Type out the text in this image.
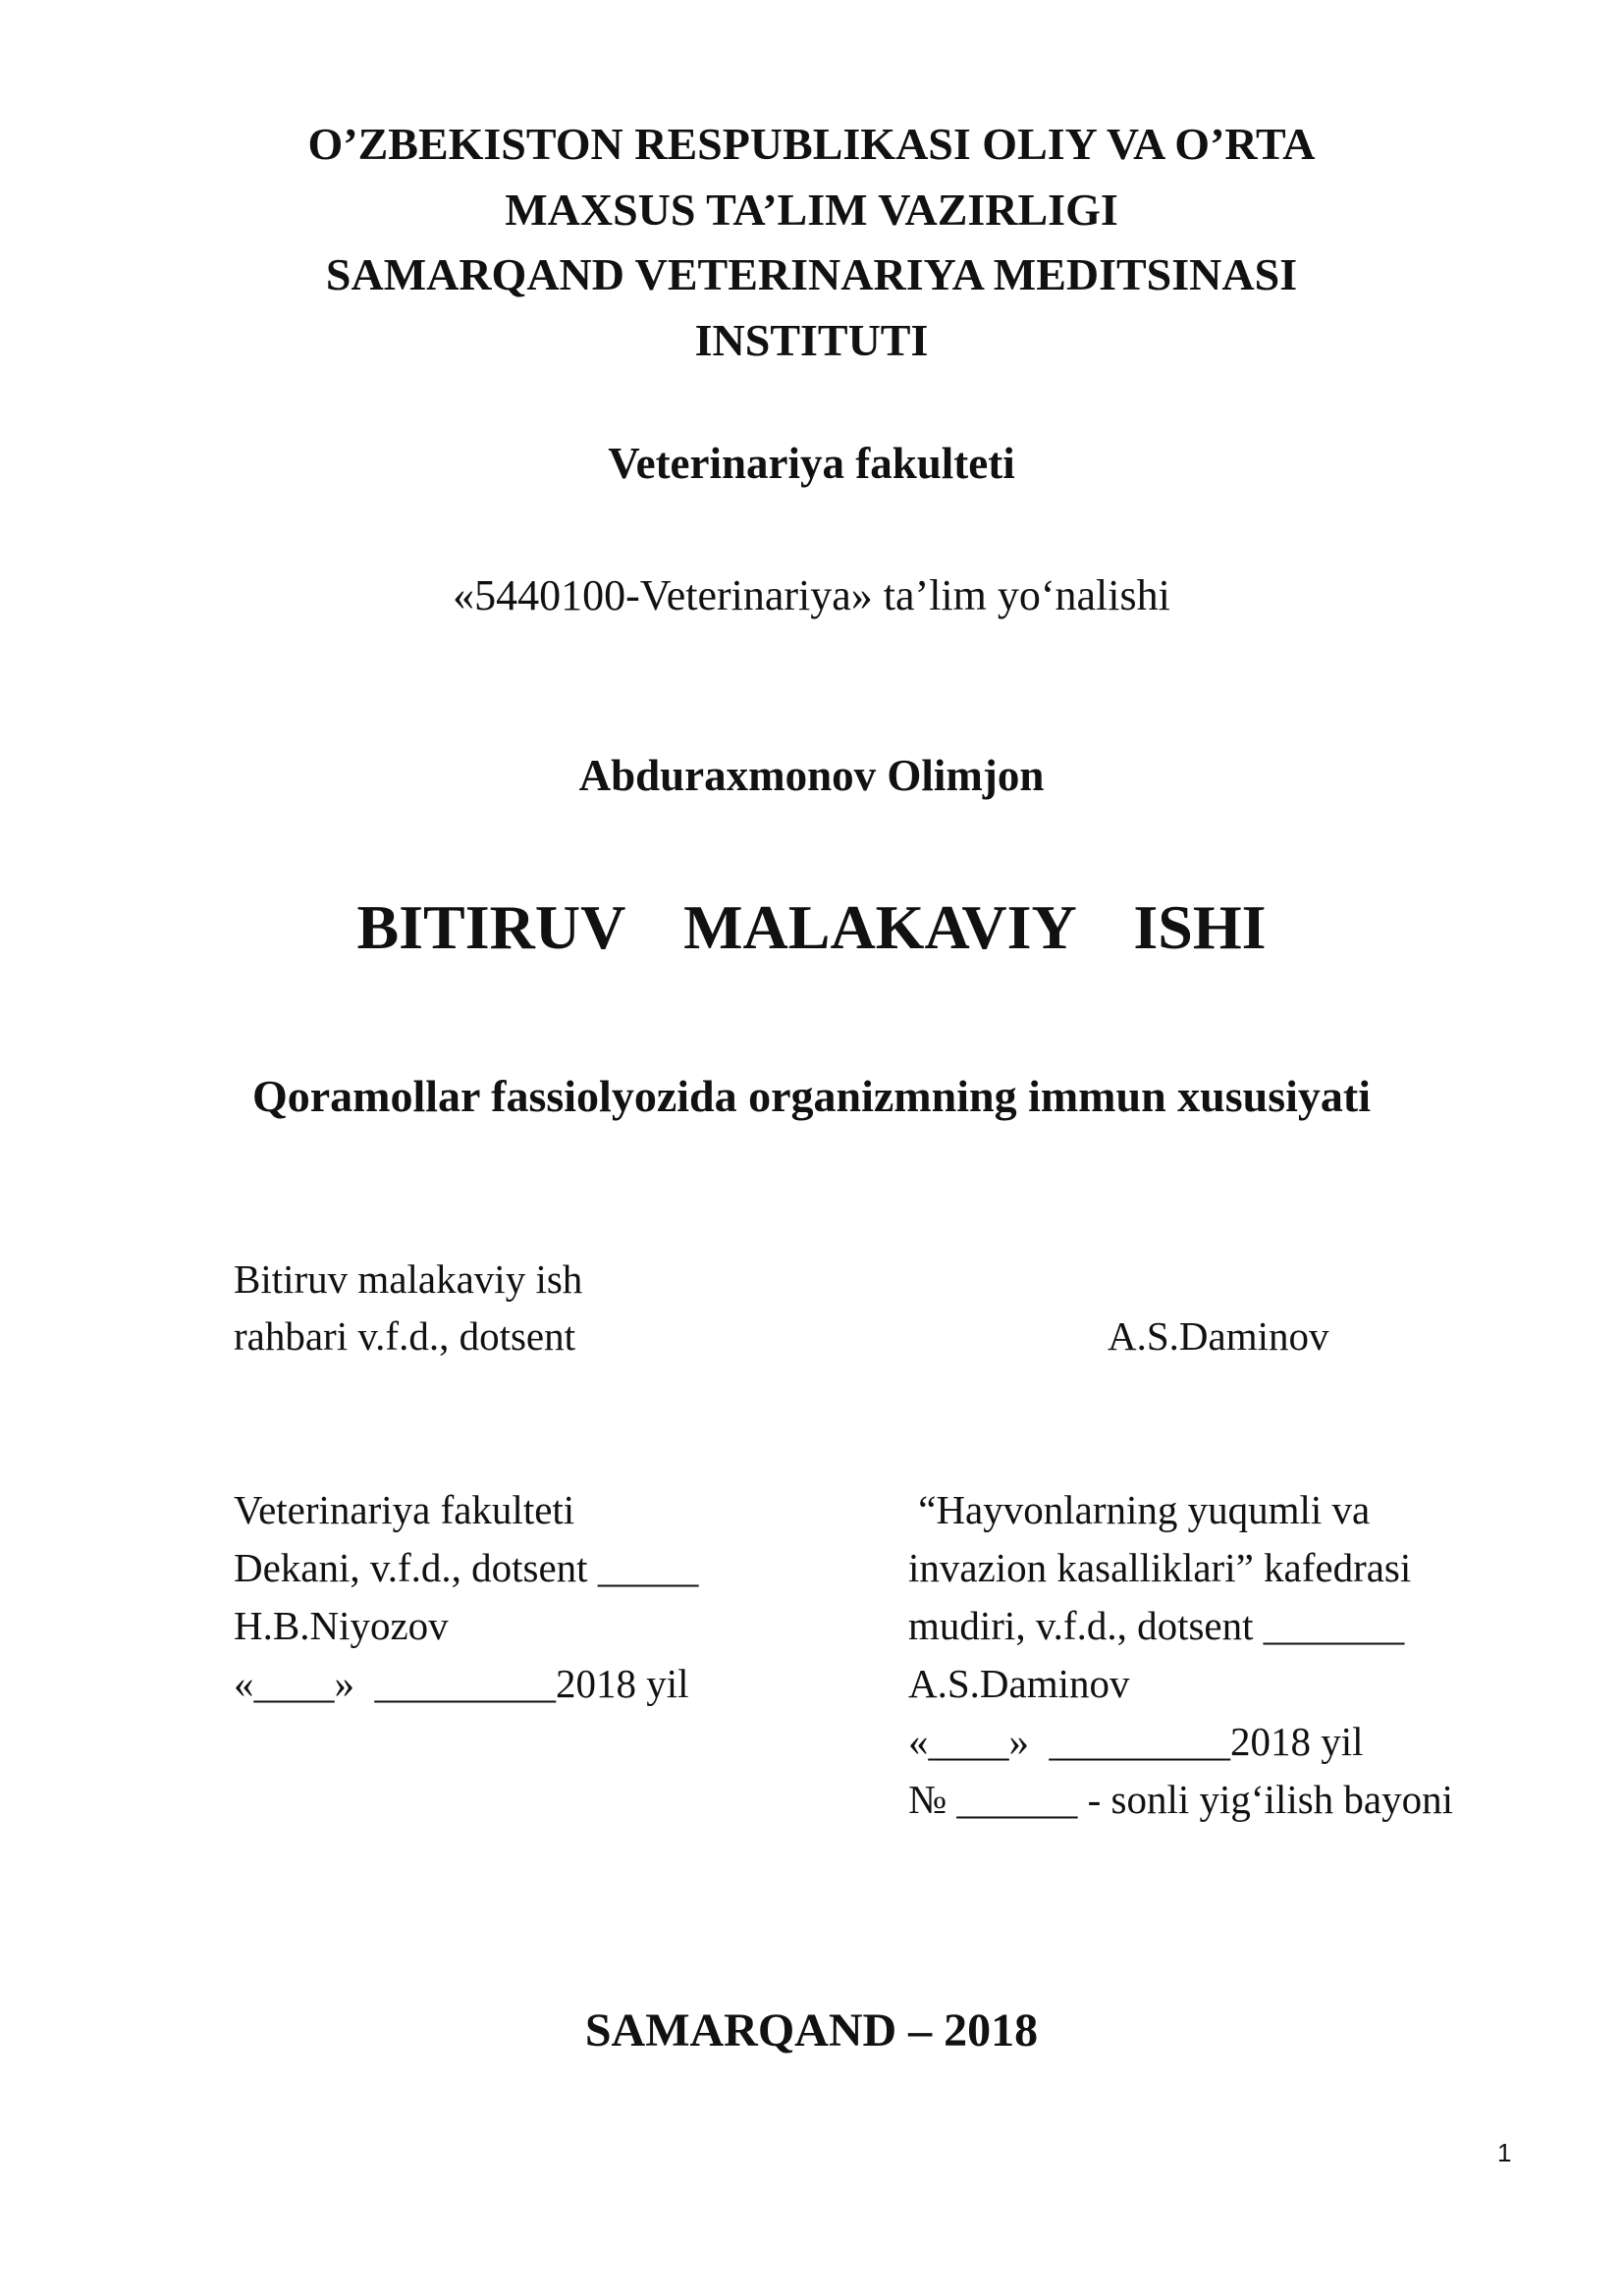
O’ZBEKISTON RESPUBLIKASI OLIY VA O’RTA
MAXSUS TA’LIM VAZIRLIGI
SAMARQAND VETERINARIYA MEDITSINASI
INSTITUTI
Veterinariya fakulteti
«5440100-Veterinariya» ta’lim yo‘nalishi
Abduraxmonov Olimjon
BITIRUV  MALAKAVIY  ISHI
Qoramollar fassiolyozida organizmning immun xususiyati
Bitiruv malakaviy ish
rahbari v.f.d., dotsent	A.S.Daminov
Veterinariya fakulteti
Dekani, v.f.d., dotsent _____
H.B.Niyozov
«____»  _________2018 yil
“Hayvonlarning yuqumli va
invazion kasalliklari” kafedrasi
mudiri, v.f.d., dotsent _______
A.S.Daminov
«____»  _________2018 yil
№ ______ - sonli yig‘ilish bayoni
SAMARQAND – 2018
1
